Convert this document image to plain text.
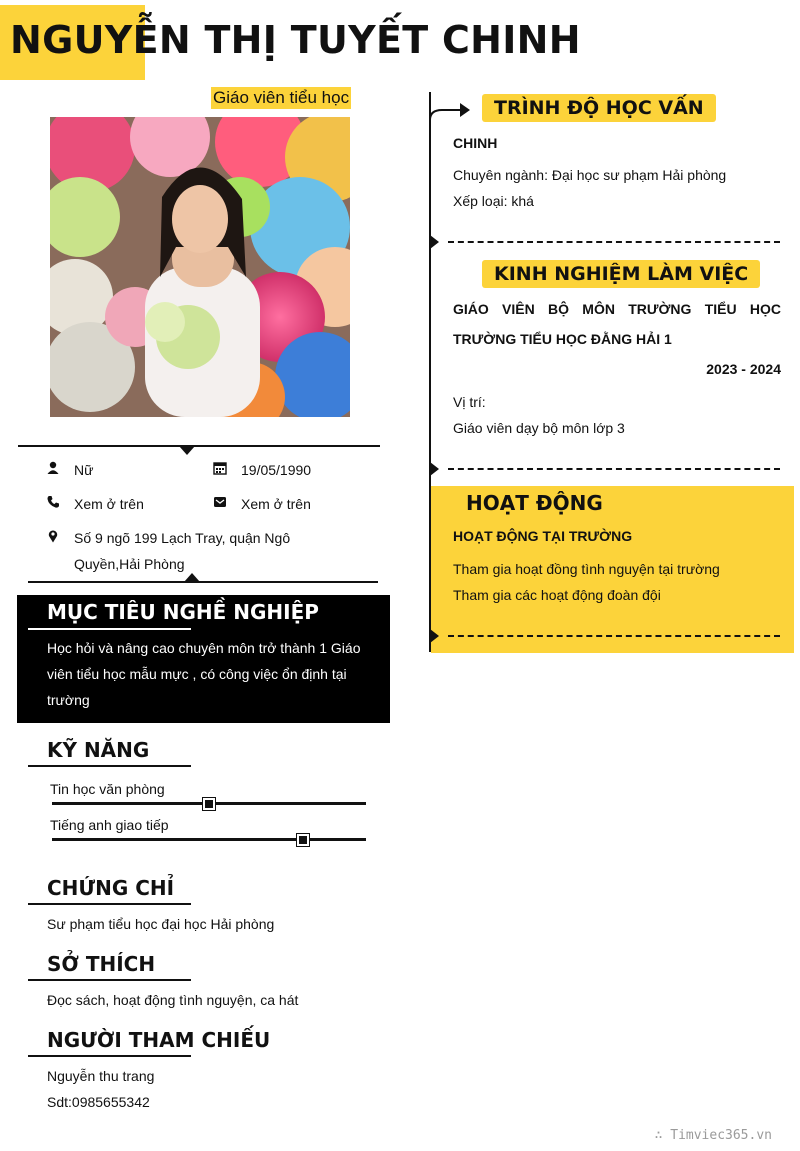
NGUYỄN THỊ TUYẾT CHINH
Giáo viên tiểu học
Nữ	19/05/1990
Xem ở trên	Xem ở trên
Số 9 ngõ 199 Lạch Tray, quận Ngô
Quyền,Hải Phòng
MỤC TIÊU NGHỀ NGHIỆP
Học hỏi và nâng cao chuyên môn trở thành 1 Giáo
viên tiểu học mẫu mực , có công việc ổn định tại
trường
KỸ NĂNG
Tin học văn phòng
Tiếng anh giao tiếp
CHỨNG CHỈ
Sư phạm tiểu học đại học Hải phòng
SỞ THÍCH
Đọc sách, hoạt động tình nguyện, ca hát
NGƯỜI THAM CHIẾU
Nguyễn thu trang
Sdt:0985655342
TRÌNH ĐỘ HỌC VẤN
CHINH
Chuyên ngành: Đại học sư phạm Hải phòng
Xếp loại: khá
KINH NGHIỆM LÀM VIỆC
GIÁO VIÊN BỘ MÔN TRƯỜNG TIỂU HỌC
TRƯỜNG TIỂU HỌC ĐẰNG HẢI 1
2023 - 2024
Vị trí:
Giáo viên dạy bộ môn lớp 3
HOẠT ĐỘNG
HOẠT ĐỘNG TẠI TRƯỜNG
Tham gia hoạt đồng tình nguyện tại trường
Tham gia các hoạt động đoàn đội
∴ Timviec365.vn
